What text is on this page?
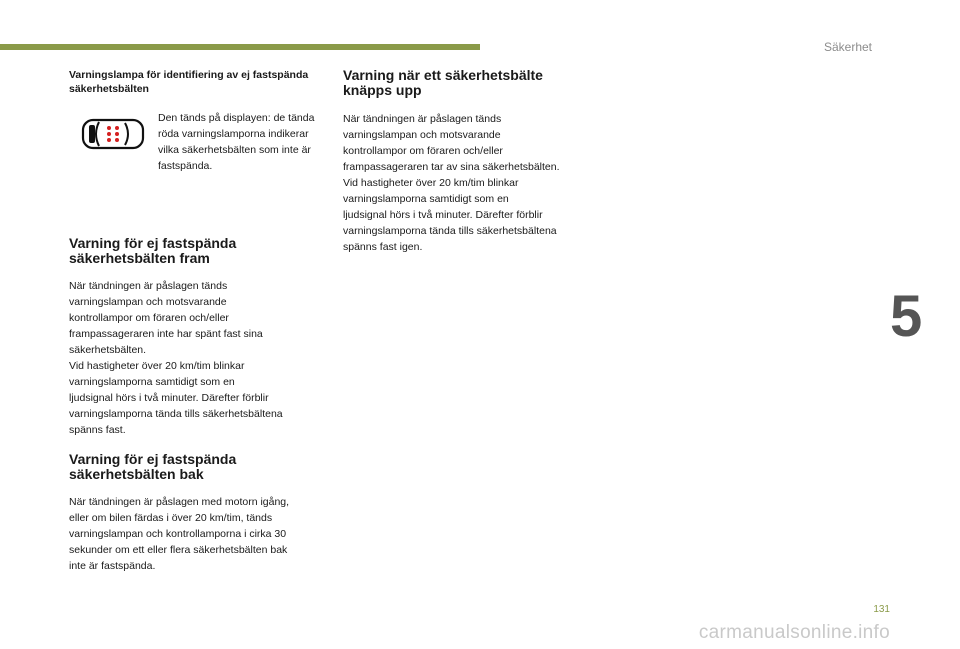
Säkerhet

Varningslampa för identifiering av ej fastspända säkerhetsbälten

Den tänds på displayen: de tända röda varningslamporna indikerar vilka säkerhetsbälten som inte är fastspända.

Varning för ej fastspända
säkerhetsbälten fram
När tändningen är påslagen tänds
varningslampan och motsvarande
kontrollampor om föraren och/eller
frampassageraren inte har spänt fast sina
säkerhetsbälten.
Vid hastigheter över 20 km/tim blinkar
varningslamporna samtidigt som en
ljudsignal hörs i två minuter. Därefter förblir
varningslamporna tända tills säkerhetsbältena
spänns fast.
Varning för ej fastspända
säkerhetsbälten bak
När tändningen är påslagen med motorn igång,
eller om bilen färdas i över 20 km/tim, tänds
varningslampan och kontrollamporna i cirka 30
sekunder om ett eller flera säkerhetsbälten bak
inte är fastspända.
Varning när ett säkerhetsbälte
knäpps upp
När tändningen är påslagen tänds
varningslampan och motsvarande
kontrollampor om föraren och/eller
frampassageraren tar av sina säkerhetsbälten.
Vid hastigheter över 20 km/tim blinkar
varningslamporna samtidigt som en
ljudsignal hörs i två minuter. Därefter förblir
varningslamporna tända tills säkerhetsbältena
spänns fast igen.
5
131
carmanualsonline.info
